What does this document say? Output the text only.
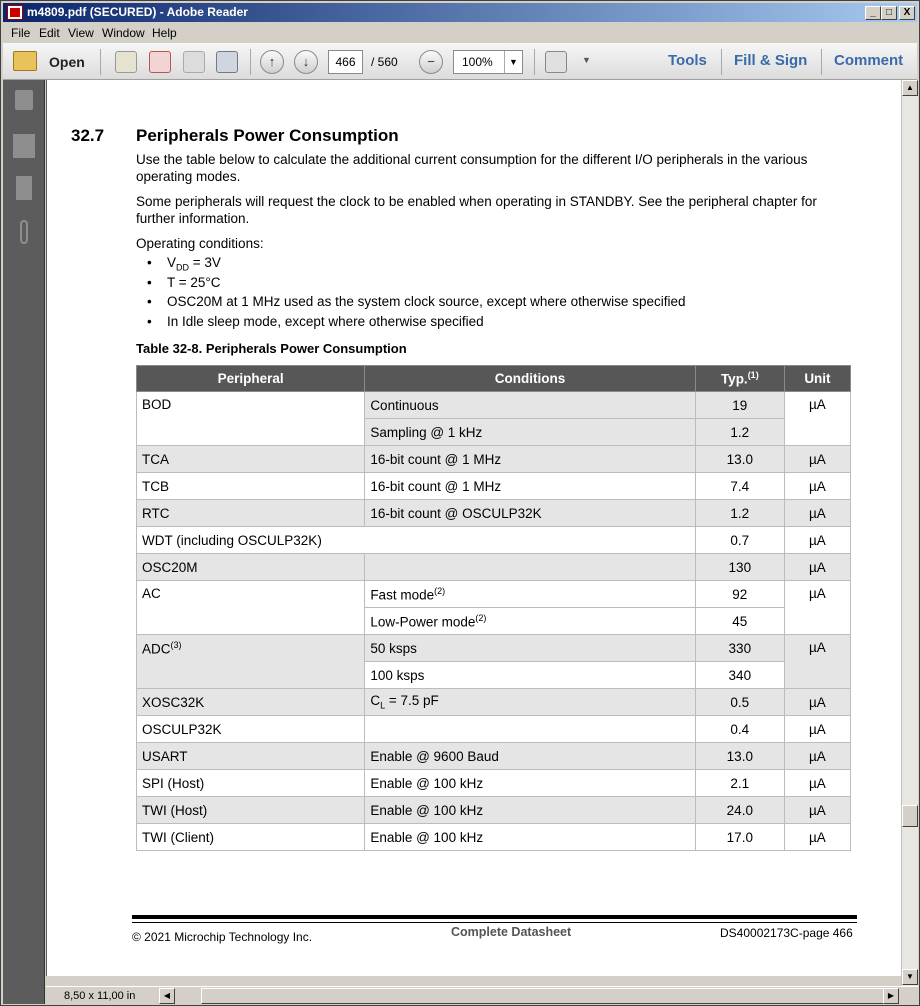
m4809.pdf (SECURED) - Adobe Reader	_	□	X
File Edit View Window Help
Open	↑	↓	466	/ 560	−	100%	▼	▼	Tools Fill & Sign Comment
32.7 Peripherals Power Consumption
Use the table below to calculate the additional current consumption for the different I/O peripherals in the various operating modes.
Some peripherals will request the clock to be enabled when operating in STANDBY. See the peripheral chapter for further information.
Operating conditions:
• $V_{DD} = 3V$
• T = 25°C
• OSC20M at 1 MHz used as the system clock source, except where otherwise specified
• In Idle sleep mode, except where otherwise specified
Table 32-8. Peripherals Power Consumption
Peripheral	Conditions	Typ.$^{(1)}$	Unit
BOD	Continuous	19	µA
	Sampling @ 1 kHz	1.2	
TCA	16-bit count @ 1 MHz	13.0	µA
TCB	16-bit count @ 1 MHz	7.4	µA
RTC	16-bit count @ OSCULP32K	1.2	µA
WDT (including OSCULP32K)		0.7	µA
OSC20M		130	µA
AC	Fast mode$^{(2)}$	92	µA
	Low-Power mode$^{(2)}$	45	
ADC$^{(3)}$	50 ksps	330	µA
	100 ksps	340	
XOSC32K	$C_L = 7.5$ pF	0.5	µA
OSCULP32K		0.4	µA
USART	Enable @ 9600 Baud	13.0	µA
SPI (Host)	Enable @ 100 kHz	2.1	µA
TWI (Host)	Enable @ 100 kHz	24.0	µA
TWI (Client)	Enable @ 100 kHz	17.0	µA
© 2021 Microchip Technology Inc.	Complete Datasheet	DS40002173C-page 466
▲
▼
8,50 x 11,00 in	◀	▶
